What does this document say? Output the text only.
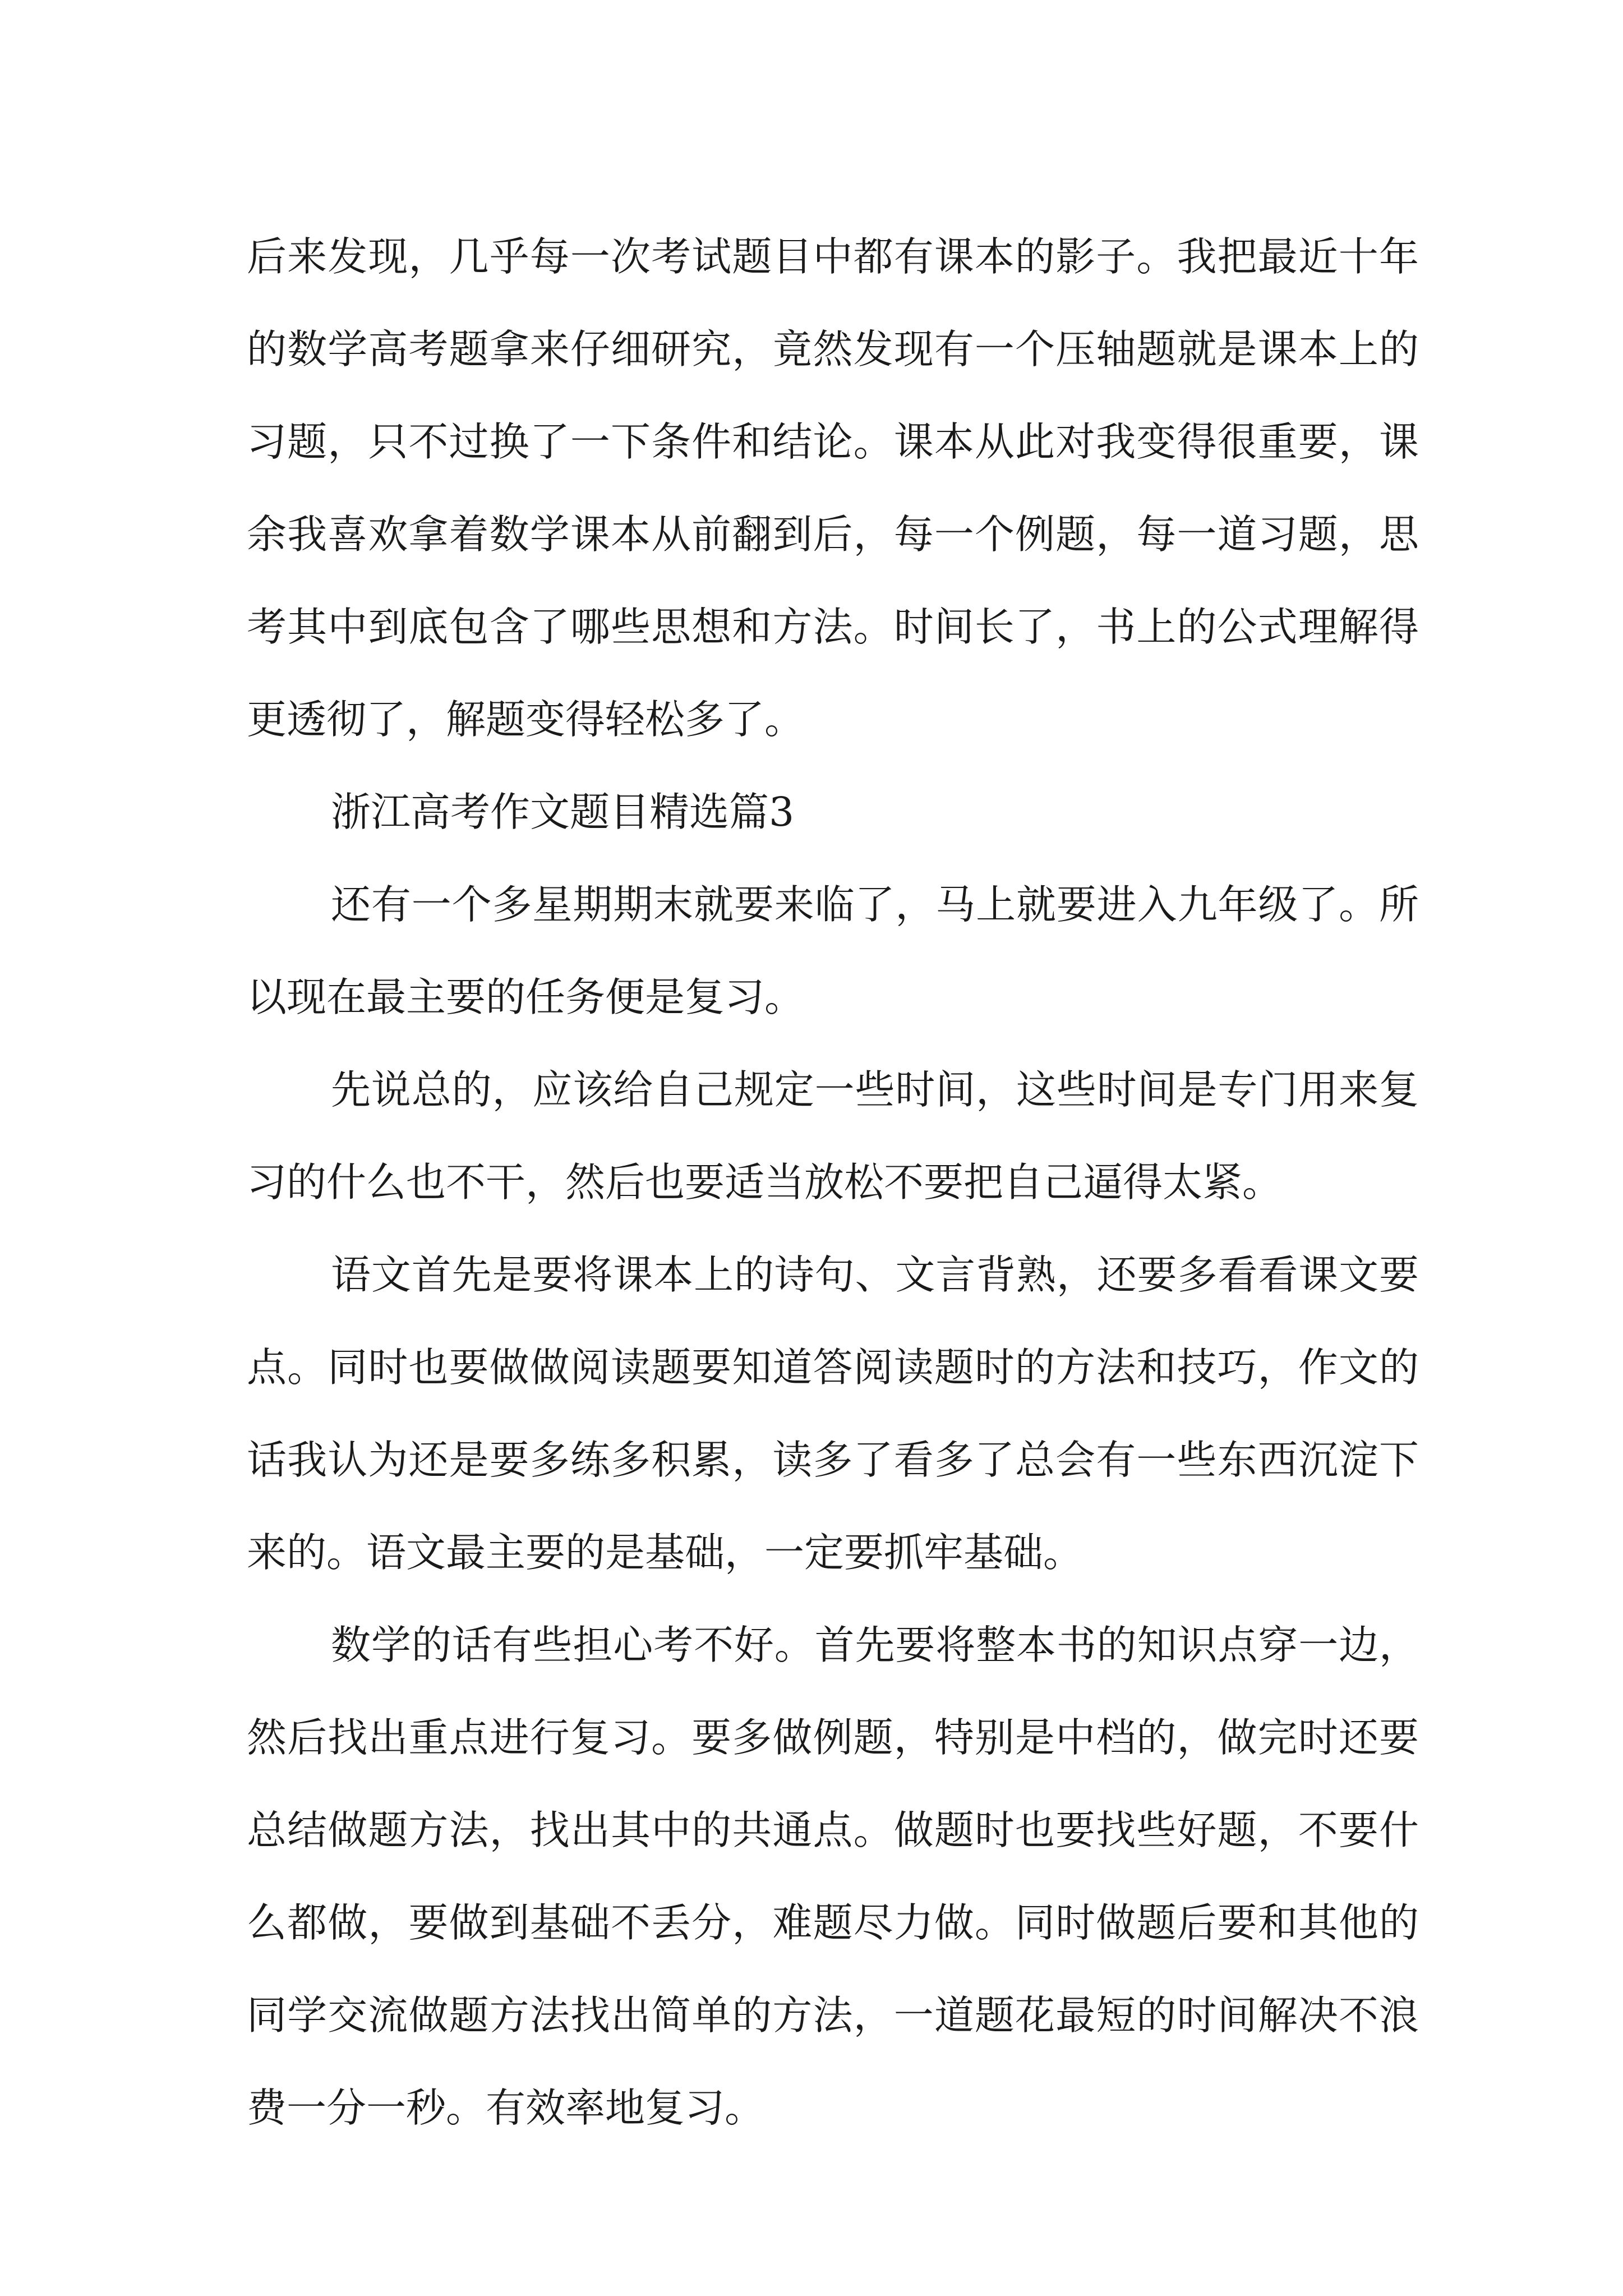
后来发现，几乎每一次考试题目中都有课本的影子。我把最近十年的数学高考题拿来仔细研究，竟然发现有一个压轴题就是课本上的习题，只不过换了一下条件和结论。课本从此对我变得很重要，课余我喜欢拿着数学课本从前翻到后，每一个例题，每一道习题，思考其中到底包含了哪些思想和方法。时间长了，书上的公式理解得更透彻了，解题变得轻松多了。

浙江高考作文题目精选篇3

还有一个多星期期末就要来临了，马上就要进入九年级了。所以现在最主要的任务便是复习。

先说总的，应该给自己规定一些时间，这些时间是专门用来复习的什么也不干，然后也要适当放松不要把自己逼得太紧。

语文首先是要将课本上的诗句、文言背熟，还要多看看课文要点。同时也要做做阅读题要知道答阅读题时的方法和技巧，作文的话我认为还是要多练多积累，读多了看多了总会有一些东西沉淀下来的。语文最主要的是基础，一定要抓牢基础。

数学的话有些担心考不好。首先要将整本书的知识点穿一边，然后找出重点进行复习。要多做例题，特别是中档的，做完时还要总结做题方法，找出其中的共通点。做题时也要找些好题，不要什么都做，要做到基础不丢分，难题尽力做。同时做题后要和其他的同学交流做题方法找出简单的方法，一道题花最短的时间解决不浪费一分一秒。有效率地复习。
